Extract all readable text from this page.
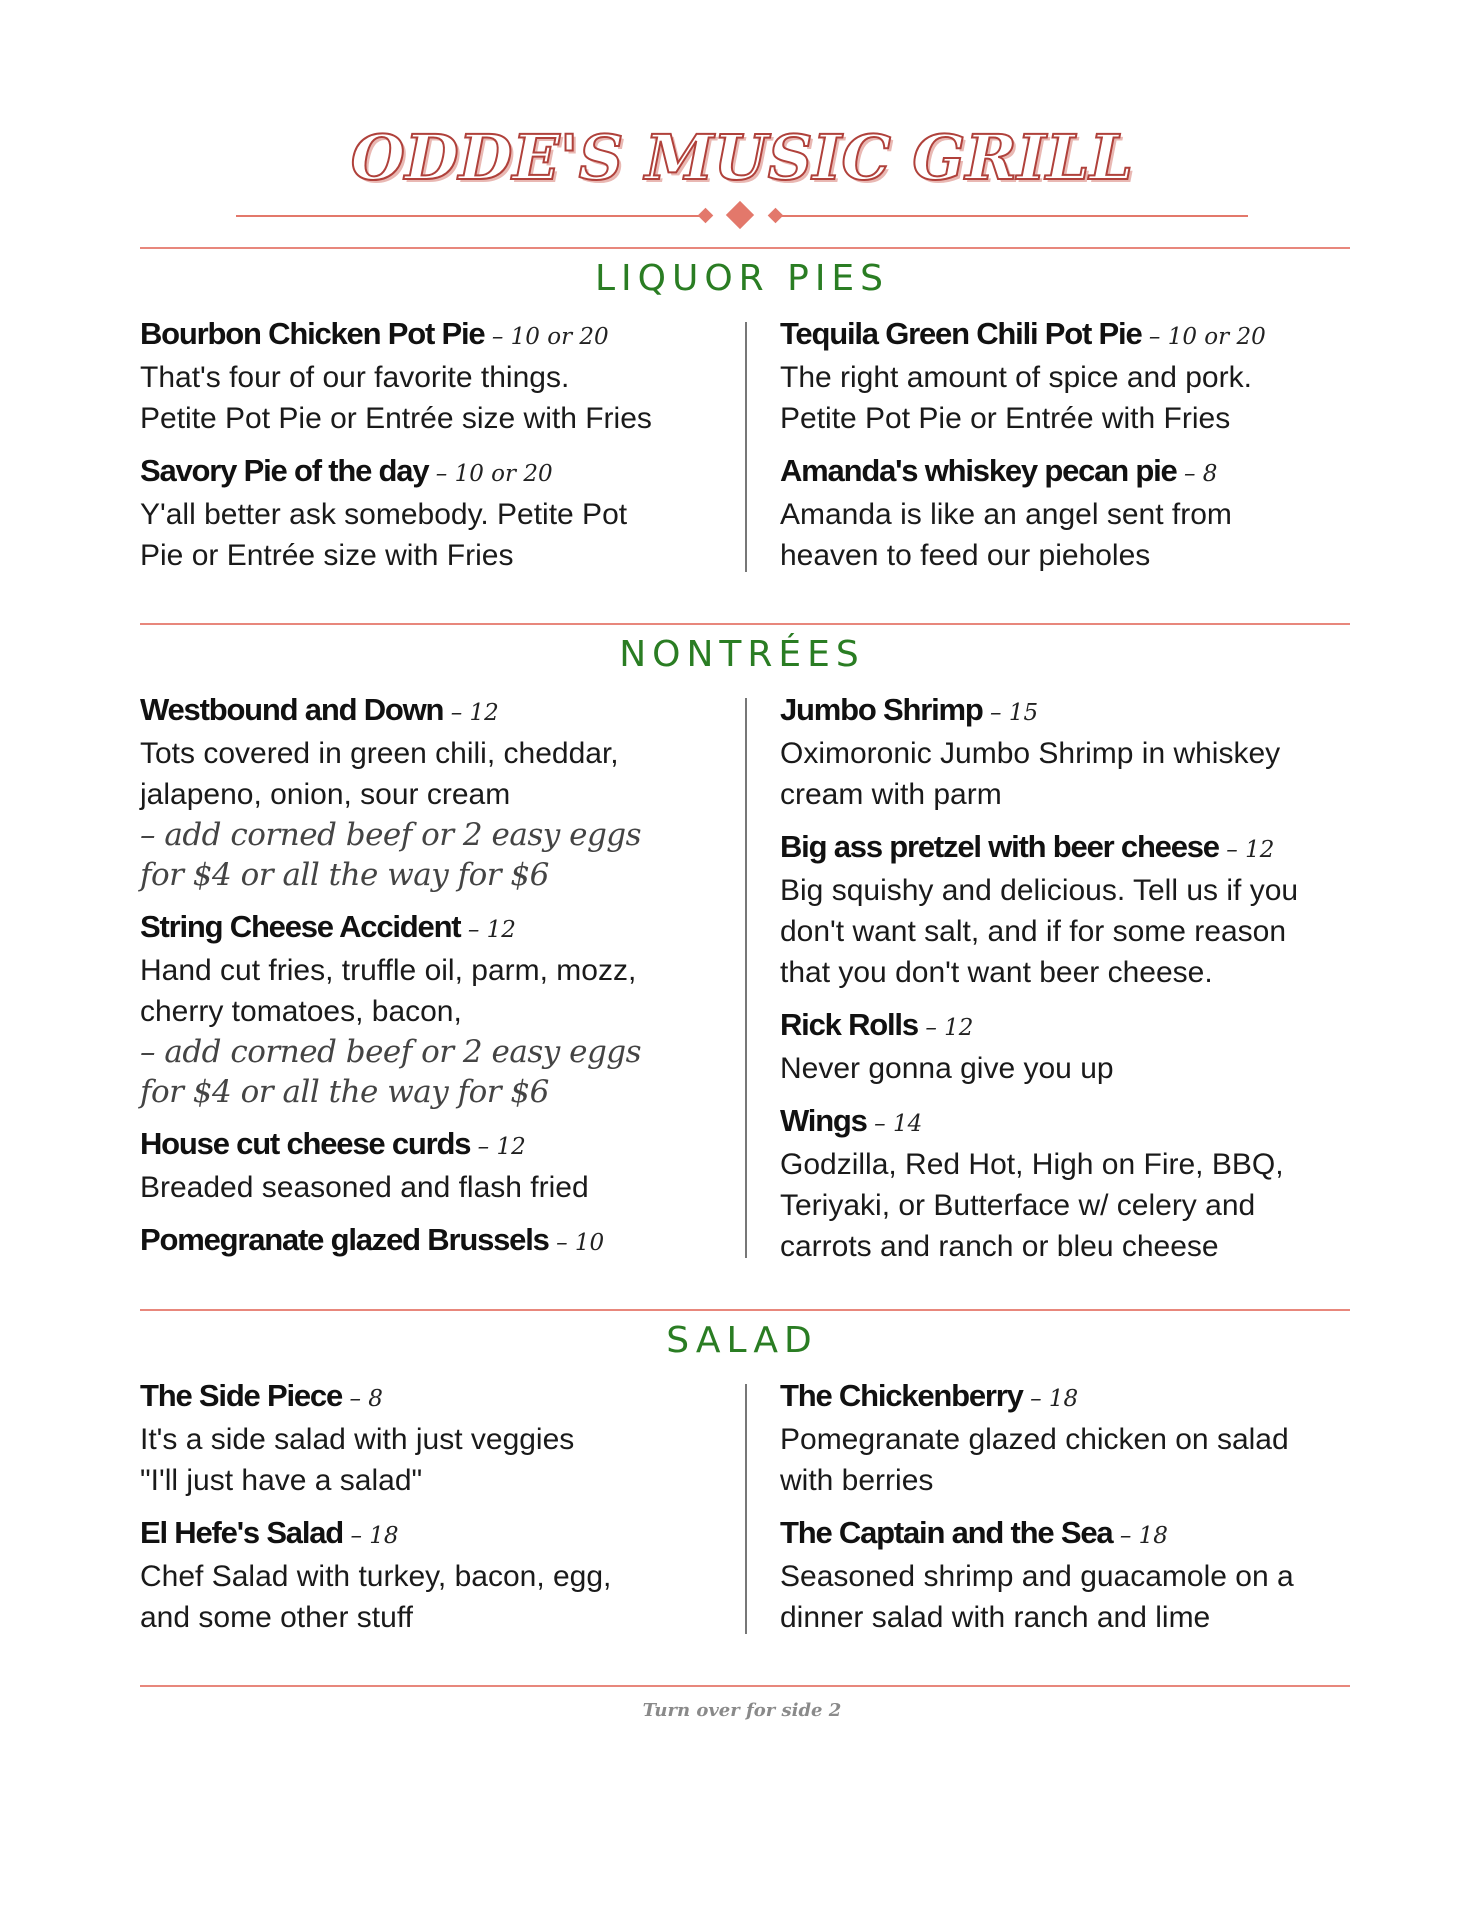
ODDE'S MUSIC GRILL
LIQUOR PIES
Bourbon Chicken Pot Pie – 10 or 20
That's four of our favorite things.
Petite Pot Pie or Entrée size with Fries
Savory Pie of the day – 10 or 20
Y'all better ask somebody. Petite Pot
Pie or Entrée size with Fries
Tequila Green Chili Pot Pie – 10 or 20
The right amount of spice and pork.
Petite Pot Pie or Entrée with Fries
Amanda's whiskey pecan pie – 8
Amanda is like an angel sent from
heaven to feed our pieholes
NONTRÉES
Westbound and Down – 12
Tots covered in green chili, cheddar,
jalapeno, onion, sour cream
– add corned beef or 2 easy eggs
for $4 or all the way for $6
String Cheese Accident – 12
Hand cut fries, truffle oil, parm, mozz,
cherry tomatoes, bacon,
– add corned beef or 2 easy eggs
for $4 or all the way for $6
House cut cheese curds – 12
Breaded seasoned and flash fried
Pomegranate glazed Brussels – 10
Jumbo Shrimp – 15
Oximoronic Jumbo Shrimp in whiskey
cream with parm
Big ass pretzel with beer cheese – 12
Big squishy and delicious. Tell us if you
don't want salt, and if for some reason
that you don't want beer cheese.
Rick Rolls – 12
Never gonna give you up
Wings – 14
Godzilla, Red Hot, High on Fire, BBQ,
Teriyaki, or Butterface w/ celery and
carrots and ranch or bleu cheese
SALAD
The Side Piece – 8
It's a side salad with just veggies
"I'll just have a salad"
El Hefe's Salad – 18
Chef Salad with turkey, bacon, egg,
and some other stuff
The Chickenberry – 18
Pomegranate glazed chicken on salad
with berries
The Captain and the Sea – 18
Seasoned shrimp and guacamole on a
dinner salad with ranch and lime
Turn over for side 2
